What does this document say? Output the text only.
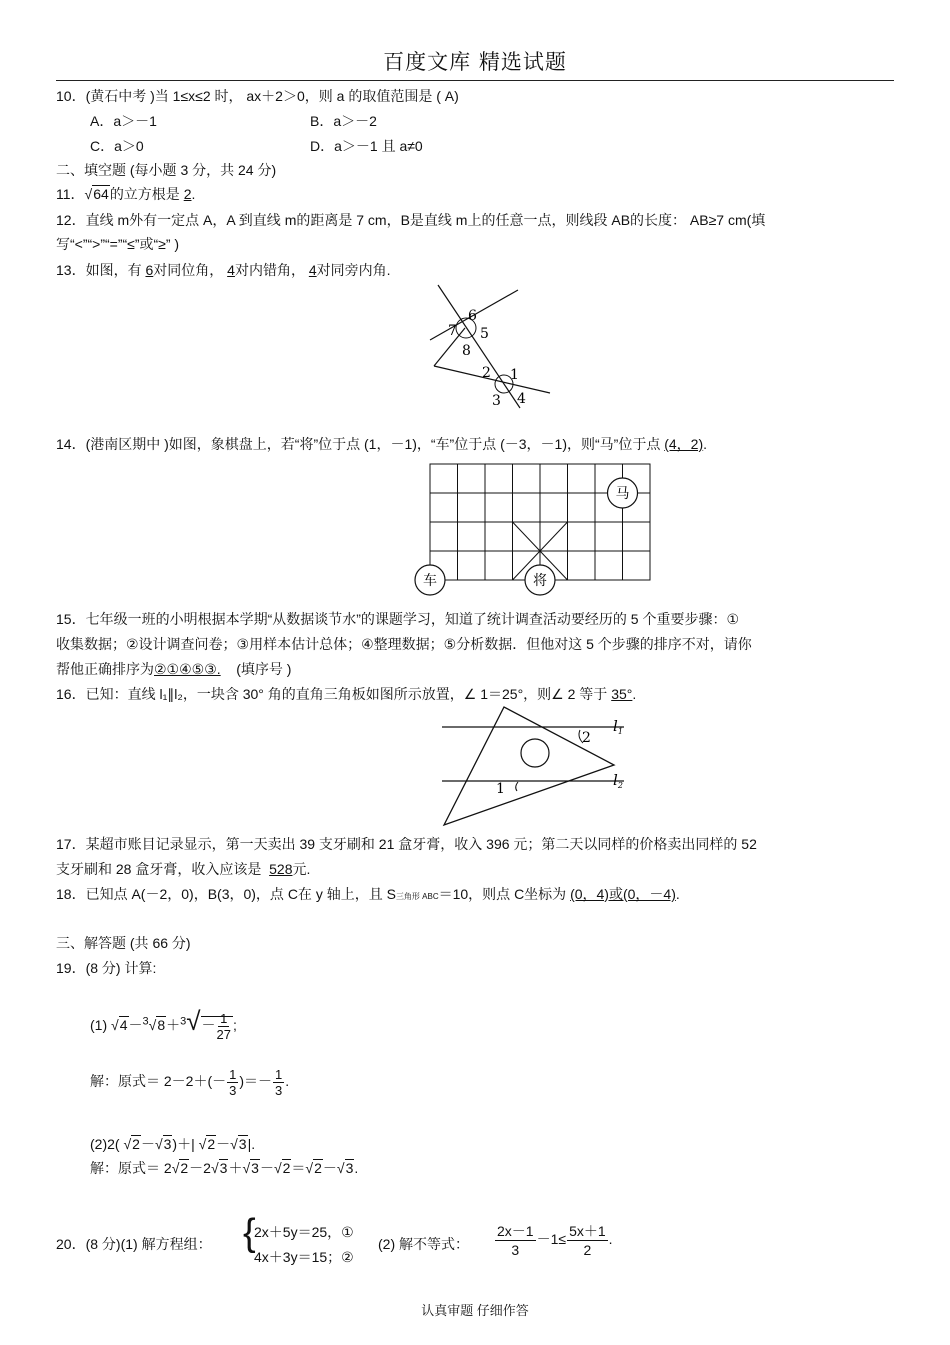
百度文库 精选试题
10．(黄石中考 )当 1≤x≤2 时， ax＋2＞0，则 a 的取值范围是 ( A)
A．a＞－1	B．a＞－2
C．a＞0	D．a＞－1 且 a≠0
二、填空题 (每小题 3 分，共 24 分)
11．√64的立方根是 2.
12．直线 m外有一定点 A，A 到直线 m的距离是 7 cm，B是直线 m上的任意一点，则线段 AB的长度： AB≥7 cm(填
写“<”“>”“=”“≤”或“≥” )
13．如图，有 6对同位角， 4对内错角， 4对同旁内角.
6
7 5
8
2 1
3 4
14．(港南区期中 )如图，象棋盘上，若“将”位于点 (1，－1)，“车”位于点 (－3，－1)，则“马”位于点 (4，2).
马
车	将
15．七年级一班的小明根据本学期“从数据谈节水”的课题学习，知道了统计调查活动要经历的 5 个重要步骤：①
收集数据；②设计调查问卷；③用样本估计总体；④整理数据；⑤分析数据．但他对这 5 个步骤的排序不对，请你
帮他正确排序为②①④⑤③.    (填序号 )
16．已知：直线 l₁∥l₂，一块含 30° 角的直角三角板如图所示放置，∠ 1＝25°，则∠ 2 等于 35°.
2
1
$l_1$
$l_2$
17．某超市账目记录显示，第一天卖出 39 支牙刷和 21 盒牙膏，收入 396 元；第二天以同样的价格卖出同样的 52
支牙刷和 28 盒牙膏，收入应该是  528元.
18．已知点 A(－2，0)，B(3，0)，点 C在 y 轴上，且 S三角形 ABC＝10，则点 C坐标为 (0，4)或(0，－4).
三、解答题 (共 66 分)
19．(8 分) 计算:
(1) $√4-^3√8+^3√- \frac{1}{27}$ ;
解：原式＝ $2-2+(- \frac{1}{3}$ )＝－ $\frac{1}{3}$ .
(2)2( √2－√3)＋| √2－√3|.
解：原式＝ 2√2－2√3＋√3－√2＝√2－√3.
20．(8 分)(1) 解方程组： {
2x＋5y＝25，①
4x＋3y＝15；②
(2) 解不等式： $\frac{2x-1}{3} -1\le \frac{5x+1}{2}$ .
认真审题 仔细作答
